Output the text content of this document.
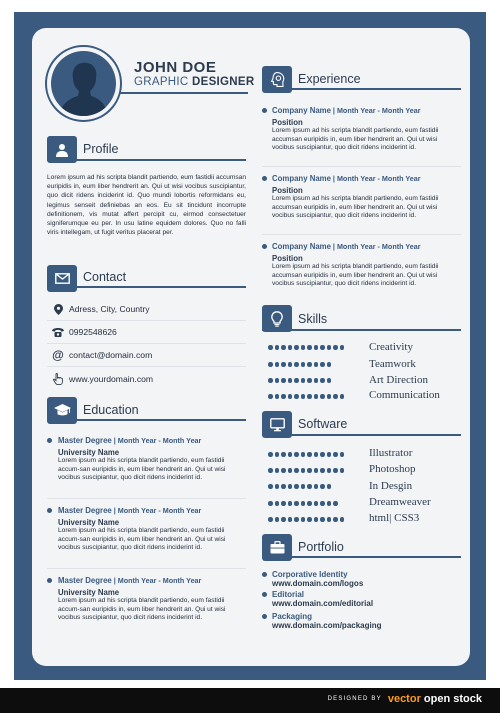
JOHN DOE
GRAPHIC DESIGNER
Profile
Lorem ipsum ad his scripta blandit partiendo, eum fastidii accumsan euripidis in, eum liber hendrerit an. Qui ut wisi vocibus suscipiantur, quo dicit ridens inciderint id. Quo mundi lobortis reformidans eu, legimus senseit definiebas an eos. Eu sit tincidunt incorrupte definitionem, vis mutat affert percipit cu, eirmod consectetuer signiferumque eu per. In usu latine equidem dolores. Quo no falli viris intellegam, ut fugit veritus placerat per.
Contact
Adress, City, Country
0992548626
@ contact@domain.com
www.yourdomain.com
Education
Master Degree | Month Year - Month Year
University Name
Lorem ipsum ad his scripta blandit partiendo, eum fastidii accum-san euripidis in, eum liber hendrerit an. Qui ut wisi vocibus suscipiantur, quo dicit ridens inciderint id.
Master Degree | Month Year - Month Year
University Name
Lorem ipsum ad his scripta blandit partiendo, eum fastidii accum-san euripidis in, eum liber hendrerit an. Qui ut wisi vocibus suscipiantur, quo dicit ridens inciderint id.
Master Degree | Month Year - Month Year
University Name
Lorem ipsum ad his scripta blandit partiendo, eum fastidii accum-san euripidis in, eum liber hendrerit an. Qui ut wisi vocibus suscipiantur, quo dicit ridens inciderint id.
Experience
Company Name | Month Year - Month Year
Position
Lorem ipsum ad his scripta blandit partiendo, eum fastidii accumsan euripidis in, eum liber hendrerit an. Qui ut wisi vocibus suscipiantur, quo dicit ridens inciderint id.
Company Name | Month Year - Month Year
Position
Lorem ipsum ad his scripta blandit partiendo, eum fastidii accumsan euripidis in, eum liber hendrerit an. Qui ut wisi vocibus suscipiantur, quo dicit ridens inciderint id.
Company Name | Month Year - Month Year
Position
Lorem ipsum ad his scripta blandit partiendo, eum fastidii accumsan euripidis in, eum liber hendrerit an. Qui ut wisi vocibus suscipiantur, quo dicit ridens inciderint id.
Skills
Creativity
Teamwork
Art Direction
Communication
Software
Illustrator
Photoshop
In Desgin
Dreamweaver
html| CSS3
Portfolio
Corporative Identity
www.domain.com/logos
Editorial
www.domain.com/editorial
Packaging
www.domain.com/packaging
DESIGNED BY vector open stock
